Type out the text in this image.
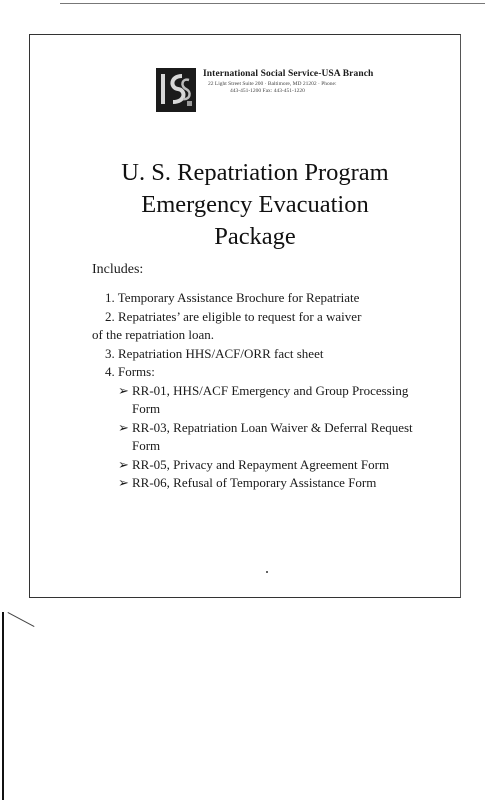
International Social Service-USA Branch
22 Light Street Suite 200 · Baltimore, MD 21202 · Phone:
443-451-1200 Fax: 443-451-1220
U. S. Repatriation Program
Emergency Evacuation
Package
Includes:
1. Temporary Assistance Brochure for Repatriate
2. Repatriates’ are eligible to request for a waiver
of the repatriation loan.
3. Repatriation HHS/ACF/ORR fact sheet
4. Forms:
➢ RR-01, HHS/ACF Emergency and Group Processing
Form
➢ RR-03, Repatriation Loan Waiver & Deferral Request
Form
➢ RR-05, Privacy and Repayment Agreement Form
➢ RR-06, Refusal of Temporary Assistance Form
